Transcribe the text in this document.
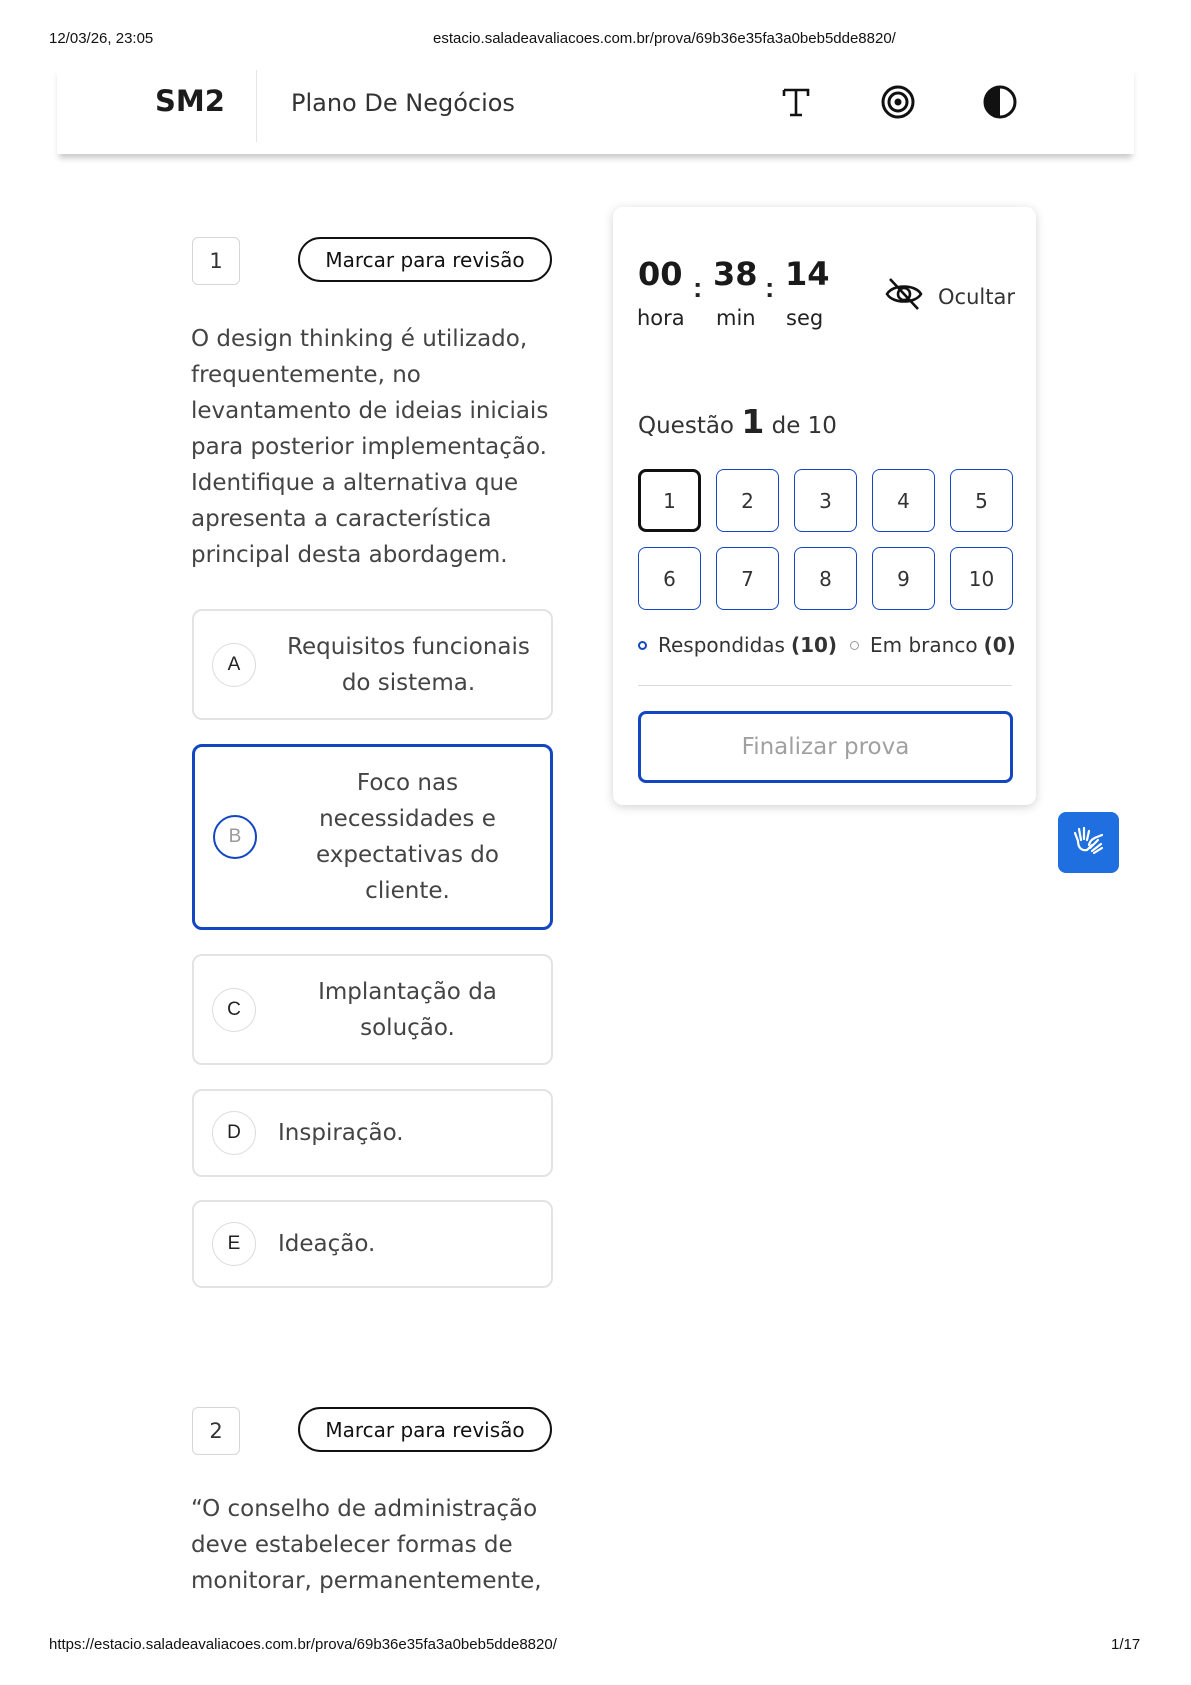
12/03/26, 23:05	estacio.saladeavaliacoes.com.br/prova/69b36e35fa3a0beb5dde8820/
SM2	Plano De Negócios
1	Marcar para revisão
O design thinking é utilizado, frequentemente, no levantamento de ideias iniciais para posterior implementação. Identifique a alternativa que apresenta a característica principal desta abordagem.
A
Requisitos funcionais do sistema.
B
Foco nas necessidades e expectativas do cliente.
C
Implantação da solução.
D	Inspiração.
E	Ideação.
2	Marcar para revisão
“O conselho de administração deve estabelecer formas de monitorar, permanentemente,
00 : 38 : 14
hora min seg
Ocultar
Questão 1 de 10
1	2	3	4	5
6	7	8	9	10
Respondidas (10) Em branco (0)
Finalizar prova
https://estacio.saladeavaliacoes.com.br/prova/69b36e35fa3a0beb5dde8820/	1/17
